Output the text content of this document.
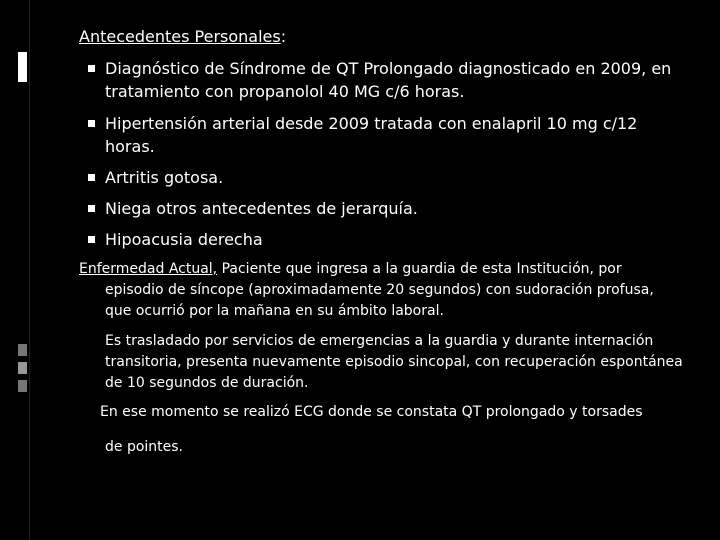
Antecedentes Personales:
Diagnóstico de Síndrome de QT Prolongado diagnosticado en 2009, en tratamiento con propanolol 40 MG c/6 horas.
Hipertensión arterial desde 2009 tratada con enalapril 10 mg c/12 horas.
Artritis gotosa.
Niega otros antecedentes de jerarquía.
Hipoacusia derecha
Enfermedad Actual, Paciente que ingresa a la guardia de esta Institución, por
episodio de síncope (aproximadamente 20 segundos) con sudoración profusa, que ocurrió por la mañana en su ámbito laboral.
Es trasladado por servicios de emergencias a la guardia y durante internación transitoria, presenta nuevamente episodio sincopal, con recuperación espontánea de 10 segundos de duración.
En ese momento se realizó ECG donde se constata QT prolongado y torsades
de pointes.
